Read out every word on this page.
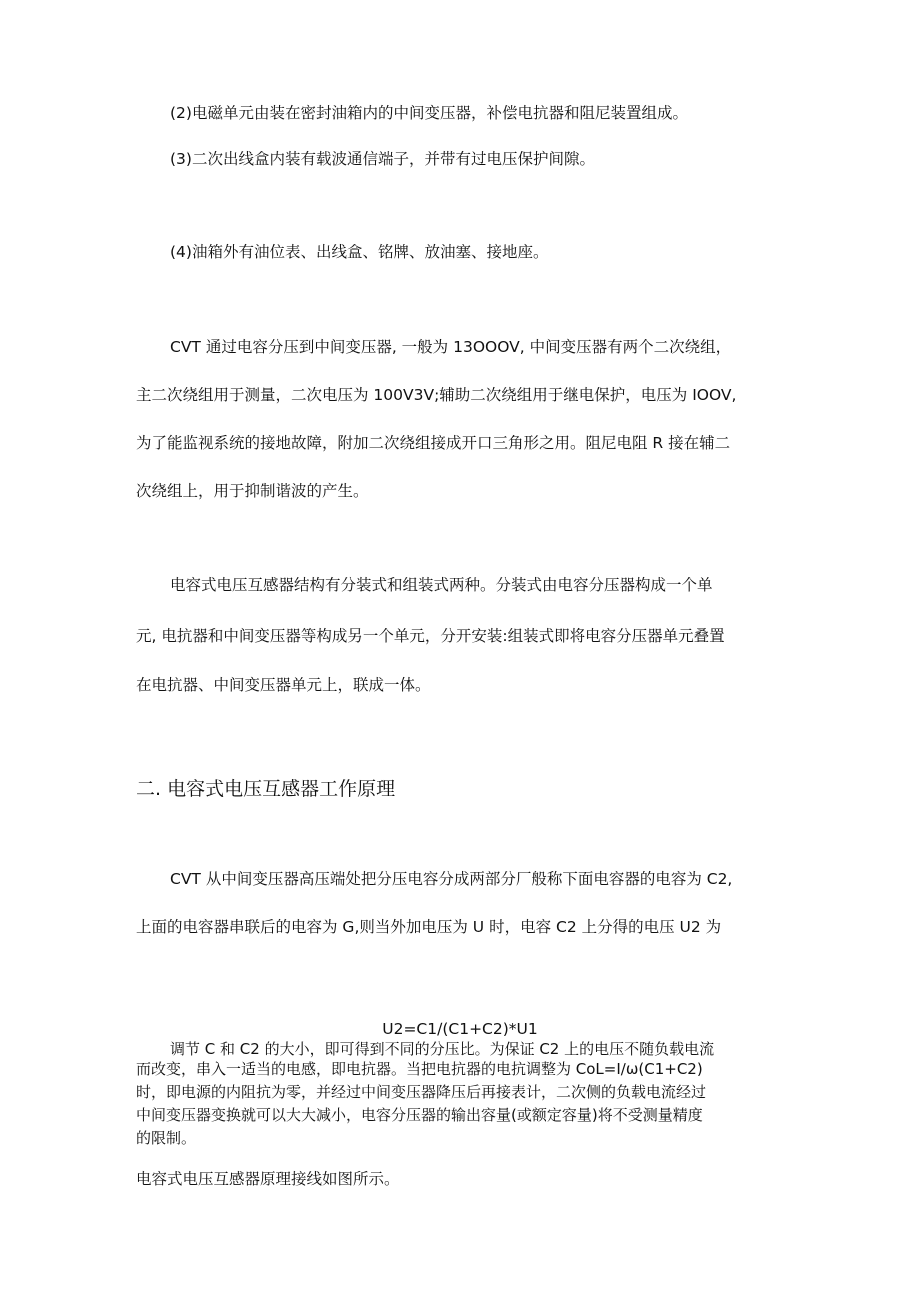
(2)电磁单元由装在密封油箱内的中间变压器，补偿电抗器和阻尼装置组成。
(3)二次出线盒内装有载波通信端子，并带有过电压保护间隙。
(4)油箱外有油位表、出线盒、铭牌、放油塞、接地座。
CVT 通过电容分压到中间变压器, 一般为 13OOOV, 中间变压器有两个二次绕组，
主二次绕组用于测量，二次电压为 100V3V;辅助二次绕组用于继电保护，电压为 IOOV,
为了能监视系统的接地故障，附加二次绕组接成开口三角形之用。阻尼电阻 R 接在辅二
次绕组上，用于抑制谐波的产生。
电容式电压互感器结构有分装式和组装式两种。分装式由电容分压器构成一个单
元, 电抗器和中间变压器等构成另一个单元，分开安装:组装式即将电容分压器单元叠置
在电抗器、中间变压器单元上，联成一体。
二. 电容式电压互感器工作原理
CVT 从中间变压器高压端处把分压电容分成两部分厂般称下面电容器的电容为 C2,
上面的电容器串联后的电容为 G,则当外加电压为 U 时，电容 C2 上分得的电压 U2 为
U2=C1∕(C1+C2)*U1
调节 C 和 C2 的大小，即可得到不同的分压比。为保证 C2 上的电压不随负载电流
而改变，串入一适当的电感，即电抗器。当把电抗器的电抗调整为 CoL=I∕ω(C1+C2)
时，即电源的内阻抗为零，并经过中间变压器降压后再接表计，二次侧的负载电流经过
中间变压器变换就可以大大减小，电容分压器的输出容量(或额定容量)将不受测量精度
的限制。
电容式电压互感器原理接线如图所示。
